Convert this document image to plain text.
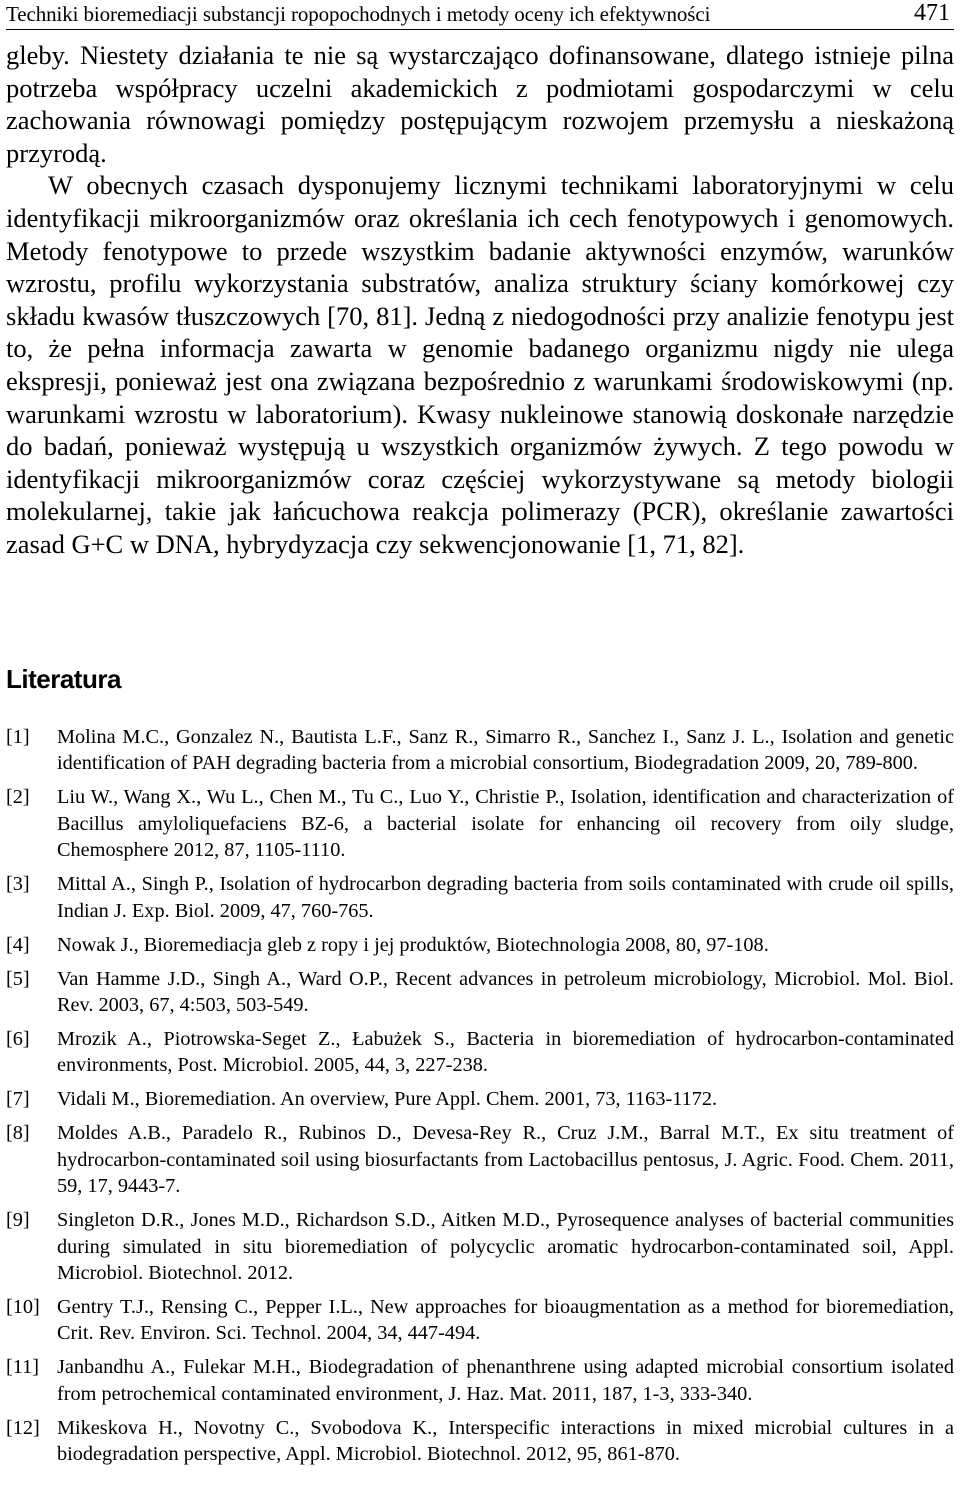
Techniki bioremediacji substancji ropopochodnych i metody oceny ich efektywności	471

gleby. Niestety działania te nie są wystarczająco dofinansowane, dlatego istnieje pilna potrzeba współpracy uczelni akademickich z podmiotami gospodarczymi w celu zachowania równowagi pomiędzy postępującym rozwojem przemysłu a nieskażoną przyrodą.

W obecnych czasach dysponujemy licznymi technikami laboratoryjnymi w celu identyfikacji mikroorganizmów oraz określania ich cech fenotypowych i genomowych. Metody fenotypowe to przede wszystkim badanie aktywności enzymów, warunków wzrostu, profilu wykorzystania substratów, analiza struktury ściany komórkowej czy składu kwasów tłuszczowych [70, 81]. Jedną z niedogodności przy analizie fenotypu jest to, że pełna informacja zawarta w genomie badanego organizmu nigdy nie ulega ekspresji, ponieważ jest ona związana bezpośrednio z warunkami środowiskowymi (np. warunkami wzrostu w laboratorium). Kwasy nukleinowe stanowią doskonałe narzędzie do badań, ponieważ występują u wszystkich organizmów żywych. Z tego powodu w identyfikacji mikroorganizmów coraz częściej wykorzystywane są metody biologii molekularnej, takie jak łańcuchowa reakcja polimerazy (PCR), określanie zawartości zasad G+C w DNA, hybrydyzacja czy sekwencjonowanie [1, 71, 82].

Literatura
[1] Molina M.C., Gonzalez N., Bautista L.F., Sanz R., Simarro R., Sanchez I., Sanz J. L., Isolation and genetic identification of PAH degrading bacteria from a microbial consortium, Biodegradation 2009, 20, 789-800.
[2] Liu W., Wang X., Wu L., Chen M., Tu C., Luo Y., Christie P., Isolation, identification and characterization of Bacillus amyloliquefaciens BZ-6, a bacterial isolate for enhancing oil recovery from oily sludge, Chemosphere 2012, 87, 1105-1110.
[3] Mittal A., Singh P., Isolation of hydrocarbon degrading bacteria from soils contaminated with crude oil spills, Indian J. Exp. Biol. 2009, 47, 760-765.
[4] Nowak J., Bioremediacja gleb z ropy i jej produktów, Biotechnologia 2008, 80, 97-108.
[5] Van Hamme J.D., Singh A., Ward O.P., Recent advances in petroleum microbiology, Microbiol. Mol. Biol. Rev. 2003, 67, 4:503, 503-549.
[6] Mrozik A., Piotrowska-Seget Z., Łabużek S., Bacteria in bioremediation of hydrocarbon-contaminated environments, Post. Microbiol. 2005, 44, 3, 227-238.
[7] Vidali M., Bioremediation. An overview, Pure Appl. Chem. 2001, 73, 1163-1172.
[8] Moldes A.B., Paradelo R., Rubinos D., Devesa-Rey R., Cruz J.M., Barral M.T., Ex situ treatment of hydrocarbon-contaminated soil using biosurfactants from Lactobacillus pentosus, J. Agric. Food. Chem. 2011, 59, 17, 9443-7.
[9] Singleton D.R., Jones M.D., Richardson S.D., Aitken M.D., Pyrosequence analyses of bacterial communities during simulated in situ bioremediation of polycyclic aromatic hydrocarbon-contaminated soil, Appl. Microbiol. Biotechnol. 2012.
[10] Gentry T.J., Rensing C., Pepper I.L., New approaches for bioaugmentation as a method for bioremediation, Crit. Rev. Environ. Sci. Technol. 2004, 34, 447-494.
[11] Janbandhu A., Fulekar M.H., Biodegradation of phenanthrene using adapted microbial consortium isolated from petrochemical contaminated environment, J. Haz. Mat. 2011, 187, 1-3, 333-340.
[12] Mikeskova H., Novotny C., Svobodova K., Interspecific interactions in mixed microbial cultures in a biodegradation perspective, Appl. Microbiol. Biotechnol. 2012, 95, 861-870.
